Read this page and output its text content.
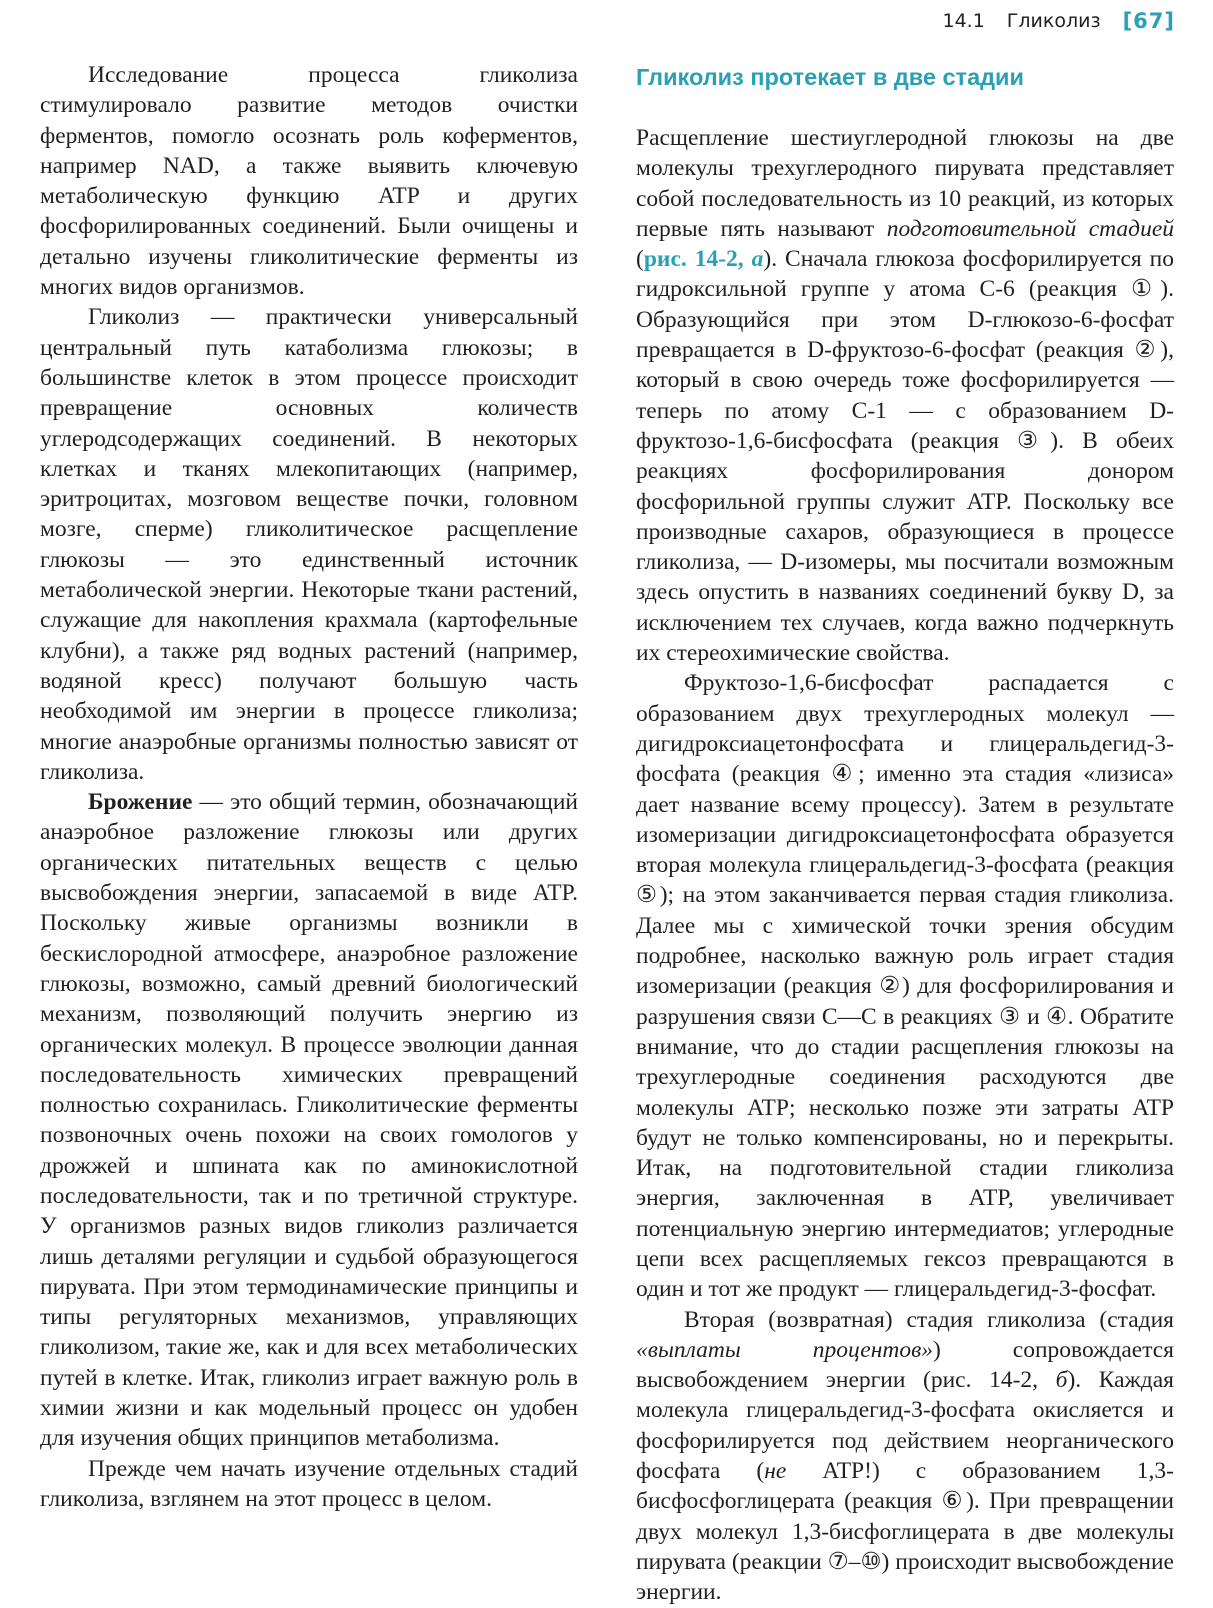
14.1 Гликолиз [67]

Исследование процесса гликолиза стимулировало развитие методов очистки ферментов, помогло осознать роль коферментов, например NAD, а также выявить ключевую метаболическую функцию ATP и других фосфорилированных соединений. Были очищены и детально изучены гликолитические ферменты из многих видов организмов.

Гликолиз — практически универсальный центральный путь катаболизма глюкозы; в большинстве клеток в этом процессе происходит превращение основных количеств углеродсодержащих соединений. В некоторых клетках и тканях млекопитающих (например, эритроцитах, мозговом веществе почки, головном мозге, сперме) гликолитическое расщепление глюкозы — это единственный источник метаболической энергии. Некоторые ткани растений, служащие для накопления крахмала (картофельные клубни), а также ряд водных растений (например, водяной кресс) получают большую часть необходимой им энергии в процессе гликолиза; многие анаэробные организмы полностью зависят от гликолиза.

Брожение — это общий термин, обозначающий анаэробное разложение глюкозы или других органических питательных веществ с целью высвобождения энергии, запасаемой в виде ATP. Поскольку живые организмы возникли в бескислородной атмосфере, анаэробное разложение глюкозы, возможно, самый древний биологический механизм, позволяющий получить энергию из органических молекул. В процессе эволюции данная последовательность химических превращений полностью сохранилась. Гликолитические ферменты позвоночных очень похожи на своих гомологов у дрожжей и шпината как по аминокислотной последовательности, так и по третичной структуре. У организмов разных видов гликолиз различается лишь деталями регуляции и судьбой образующегося пирувата. При этом термодинамические принципы и типы регуляторных механизмов, управляющих гликолизом, такие же, как и для всех метаболических путей в клетке. Итак, гликолиз играет важную роль в химии жизни и как модельный процесс он удобен для изучения общих принципов метаболизма.

Прежде чем начать изучение отдельных стадий гликолиза, взглянем на этот процесс в целом.

Гликолиз протекает в две стадии

Расщепление шестиуглеродной глюкозы на две молекулы трехуглеродного пирувата представляет собой последовательность из 10 реакций, из которых первые пять называют подготовительной стадией (рис. 14-2, а). Сначала глюкоза фосфорилируется по гидроксильной группе у атома С-6 (реакция ①). Образующийся при этом D-глюкозо-6-фосфат превращается в D-фруктозо-6-фосфат (реакция ②), который в свою очередь тоже фосфорилируется — теперь по атому С-1 — с образованием D-фруктозо-1,6-бисфосфата (реакция ③). В обеих реакциях фосфорилирования донором фосфорильной группы служит ATP. Поскольку все производные сахаров, образующиеся в процессе гликолиза, — D-изомеры, мы посчитали возможным здесь опустить в названиях соединений букву D, за исключением тех случаев, когда важно подчеркнуть их стереохимические свойства.

Фруктозо-1,6-бисфосфат распадается с образованием двух трехуглеродных молекул — дигидроксиацетонфосфата и глицеральдегид-3-фосфата (реакция ④; именно эта стадия «лизиса» дает название всему процессу). Затем в результате изомеризации дигидроксиацетонфосфата образуется вторая молекула глицеральдегид-3-фосфата (реакция ⑤); на этом заканчивается первая стадия гликолиза. Далее мы с химической точки зрения обсудим подробнее, насколько важную роль играет стадия изомеризации (реакция ②) для фосфорилирования и разрушения связи С—С в реакциях ③ и ④. Обратите внимание, что до стадии расщепления глюкозы на трехуглеродные соединения расходуются две молекулы ATP; несколько позже эти затраты ATP будут не только компенсированы, но и перекрыты. Итак, на подготовительной стадии гликолиза энергия, заключенная в ATP, увеличивает потенциальную энергию интермедиатов; углеродные цепи всех расщепляемых гексоз превращаются в один и тот же продукт — глицеральдегид-3-фосфат.

Вторая (возвратная) стадия гликолиза (стадия «выплаты процентов») сопровождается высвобождением энергии (рис. 14-2, б). Каждая молекула глицеральдегид-3-фосфата окисляется и фосфорилируется под действием неорганического фосфата (не ATP!) с образованием 1,3-бисфосфоглицерата (реакция ⑥). При превращении двух молекул 1,3-бисфоглицерата в две молекулы пирувата (реакции ⑦–⑩) происходит высвобождение энергии.
